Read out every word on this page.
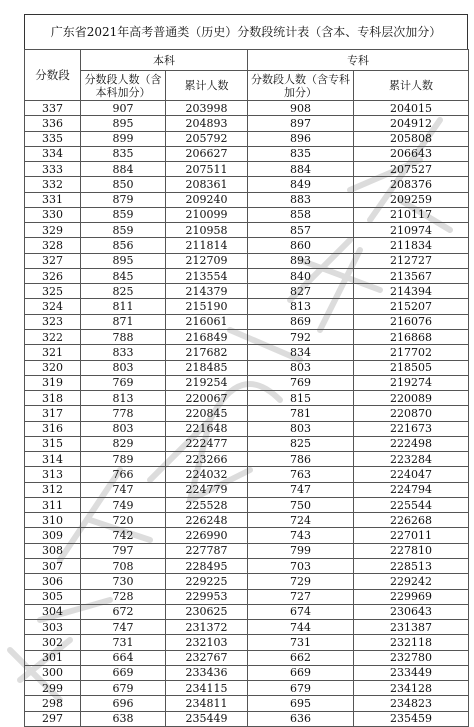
广东省2021年高考普通类（历史）分数段统计表（含本、专科层次加分）
分数段	本科		专科	
	分数段人数（含本科加分）	累计人数	分数段人数（含专科加分）	累计人数
337	907	203998	908	204015
336	895	204893	897	204912
335	899	205792	896	205808
334	835	206627	835	206643
333	884	207511	884	207527
332	850	208361	849	208376
331	879	209240	883	209259
330	859	210099	858	210117
329	859	210958	857	210974
328	856	211814	860	211834
327	895	212709	893	212727
326	845	213554	840	213567
325	825	214379	827	214394
324	811	215190	813	215207
323	871	216061	869	216076
322	788	216849	792	216868
321	833	217682	834	217702
320	803	218485	803	218505
319	769	219254	769	219274
318	813	220067	815	220089
317	778	220845	781	220870
316	803	221648	803	221673
315	829	222477	825	222498
314	789	223266	786	223284
313	766	224032	763	224047
312	747	224779	747	224794
311	749	225528	750	225544
310	720	226248	724	226268
309	742	226990	743	227011
308	797	227787	799	227810
307	708	228495	703	228513
306	730	229225	729	229242
305	728	229953	727	229969
304	672	230625	674	230643
303	747	231372	744	231387
302	731	232103	731	232118
301	664	232767	662	232780
300	669	233436	669	233449
299	679	234115	679	234128
298	696	234811	695	234823
297	638	235449	636	235459
